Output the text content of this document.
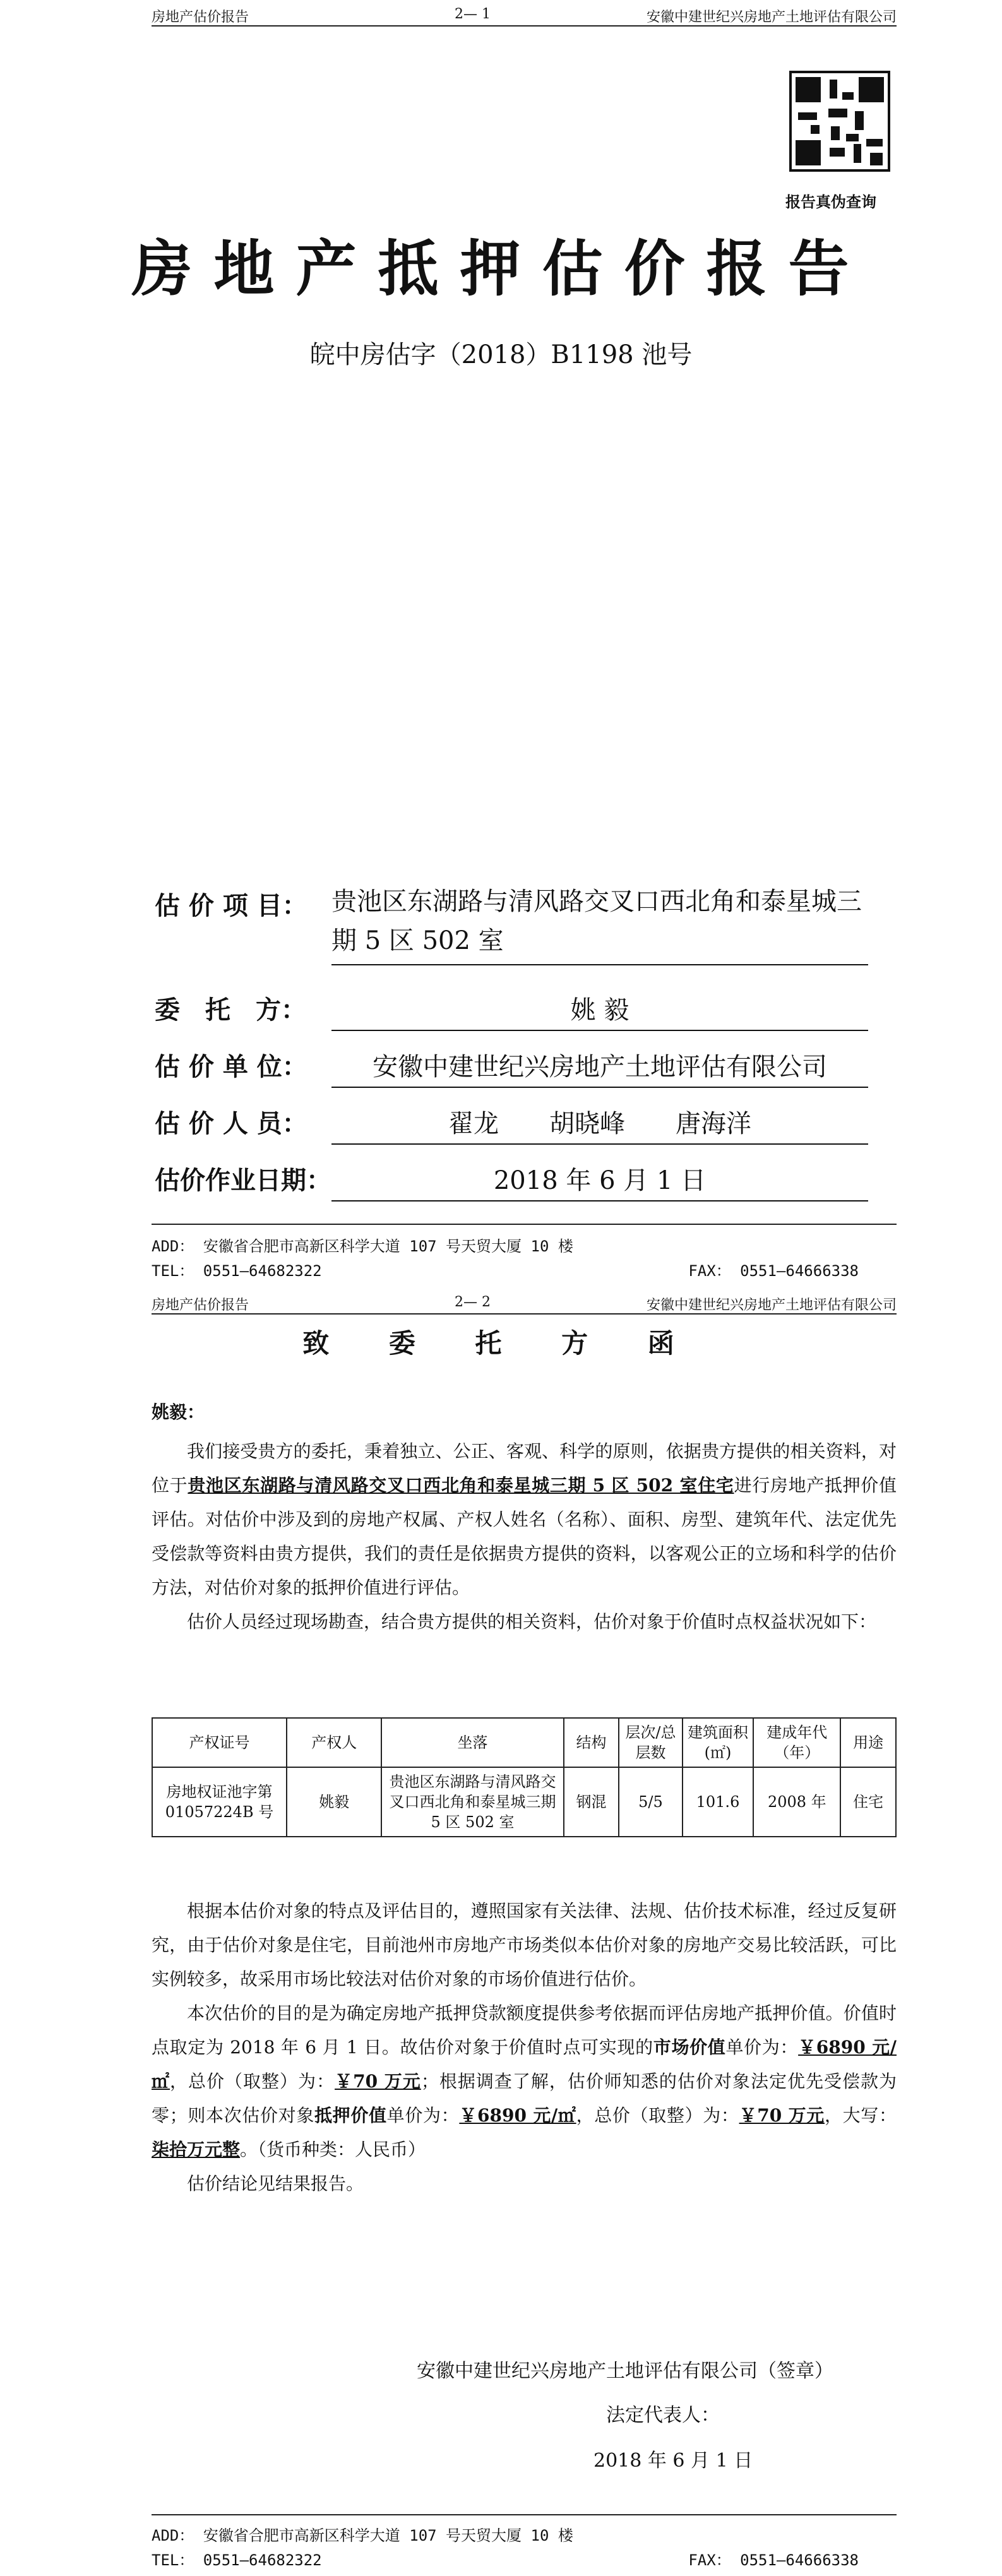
房地产估价报告	2— 1	安徽中建世纪兴房地产土地评估有限公司
报告真伪查询
房地产抵押估价报告
皖中房估字（2018）B1198 池号
估 价 项 目： 贵池区东湖路与清风路交叉口西北角和泰星城三期 5 区 502 室
委　托　方：	姚 毅
估 价 单 位：	安徽中建世纪兴房地产土地评估有限公司
估 价 人 员：	翟龙　　胡晓峰　　唐海洋
估价作业日期：	2018 年 6 月 1 日
ADD： 安徽省合肥市高新区科学大道 107 号天贸大厦 10 楼
TEL： 0551—64682322	FAX： 0551—64666338
房地产估价报告	2— 2	安徽中建世纪兴房地产土地评估有限公司
致 委 托 方 函
姚毅：

我们接受贵方的委托，秉着独立、公正、客观、科学的原则，依据贵方提供的相关资料，对位于贵池区东湖路与清风路交叉口西北角和泰星城三期 5 区 502 室住宅进行房地产抵押价值评估。对估价中涉及到的房地产权属、产权人姓名（名称）、面积、房型、建筑年代、法定优先受偿款等资料由贵方提供，我们的责任是依据贵方提供的资料，以客观公正的立场和科学的估价方法，对估价对象的抵押价值进行评估。

估价人员经过现场勘查，结合贵方提供的相关资料，估价对象于价值时点权益状况如下：

产权证号	产权人	坐落	结构	层次/总层数	建筑面积(㎡)	建成年代（年）	用途
房地权证池字第 01057224B 号	姚毅	贵池区东湖路与清风路交叉口西北角和泰星城三期 5 区 502 室	钢混	5/5	101.6	2008 年	住宅

根据本估价对象的特点及评估目的，遵照国家有关法律、法规、估价技术标准，经过反复研究，由于估价对象是住宅，目前池州市房地产市场类似本估价对象的房地产交易比较活跃，可比实例较多，故采用市场比较法对估价对象的市场价值进行估价。

本次估价的目的是为确定房地产抵押贷款额度提供参考依据而评估房地产抵押价值。价值时点取定为 2018 年 6 月 1 日。故估价对象于价值时点可实现的市场价值单价为：￥6890 元/㎡，总价（取整）为：￥70 万元；根据调查了解，估价师知悉的估价对象法定优先受偿款为零；则本次估价对象抵押价值单价为：￥6890 元/㎡，总价（取整）为：￥70 万元，大写：柒拾万元整。（货币种类：人民币）

估价结论见结果报告。

安徽中建世纪兴房地产土地评估有限公司（签章）
法定代表人：
2018 年 6 月 1 日
ADD： 安徽省合肥市高新区科学大道 107 号天贸大厦 10 楼
TEL： 0551—64682322	FAX： 0551—64666338
